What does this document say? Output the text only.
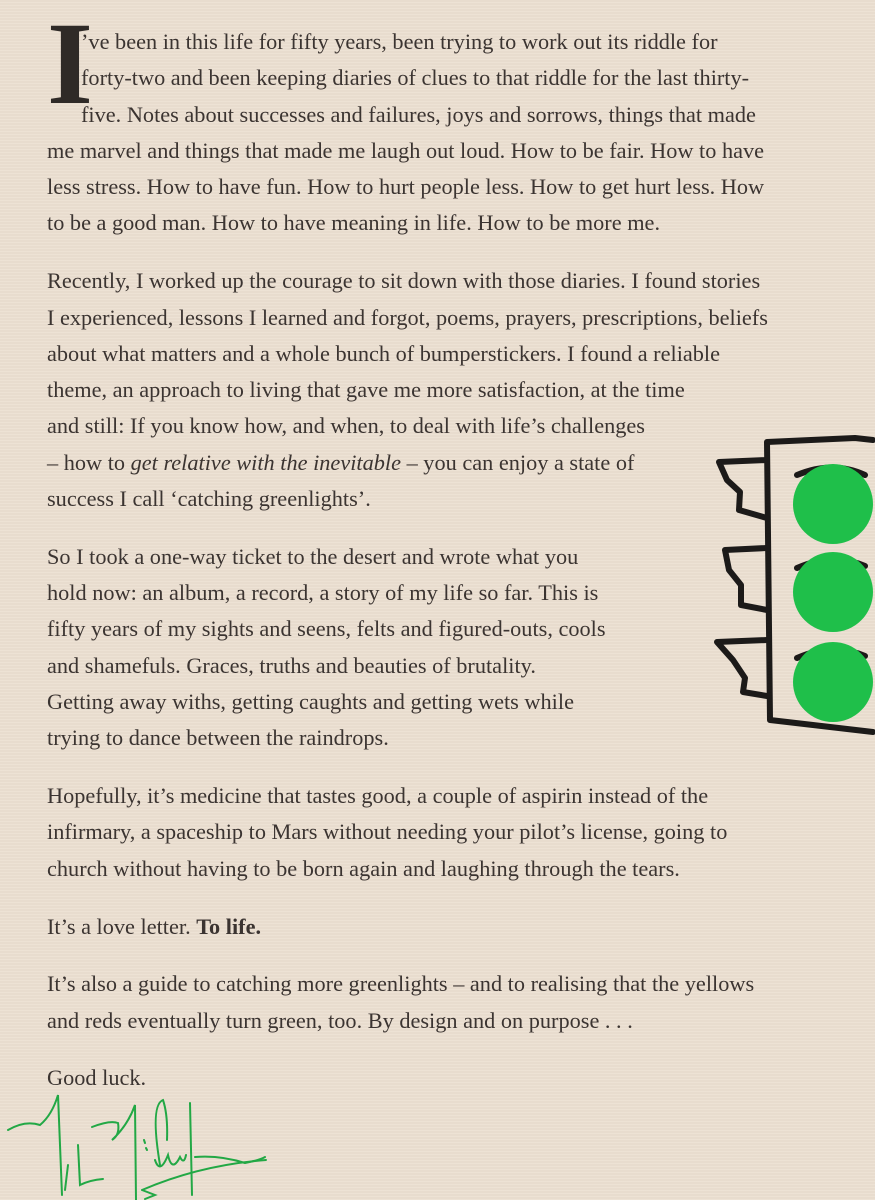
I
’ve been in this life for fifty years, been trying to work out its riddle for
forty-two and been keeping diaries of clues to that riddle for the last thirty-
five. Notes about successes and failures, joys and sorrows, things that made
me marvel and things that made me laugh out loud. How to be fair. How to have
less stress. How to have fun. How to hurt people less. How to get hurt less. How
to be a good man. How to have meaning in life. How to be more me.
Recently, I worked up the courage to sit down with those diaries. I found stories
I experienced, lessons I learned and forgot, poems, prayers, prescriptions, beliefs
about what matters and a whole bunch of bumperstickers. I found a reliable
theme, an approach to living that gave me more satisfaction, at the time
and still: If you know how, and when, to deal with life’s challenges
– how to get relative with the inevitable – you can enjoy a state of
success I call ‘catching greenlights’.
So I took a one-way ticket to the desert and wrote what you
hold now: an album, a record, a story of my life so far. This is
fifty years of my sights and seens, felts and figured-outs, cools
and shamefuls. Graces, truths and beauties of brutality.
Getting away withs, getting caughts and getting wets while
trying to dance between the raindrops.
Hopefully, it’s medicine that tastes good, a couple of aspirin instead of the
infirmary, a spaceship to Mars without needing your pilot’s license, going to
church without having to be born again and laughing through the tears.
It’s a love letter. To life.
It’s also a guide to catching more greenlights – and to realising that the yellows
and reds eventually turn green, too. By design and on purpose . . .
Good luck.
